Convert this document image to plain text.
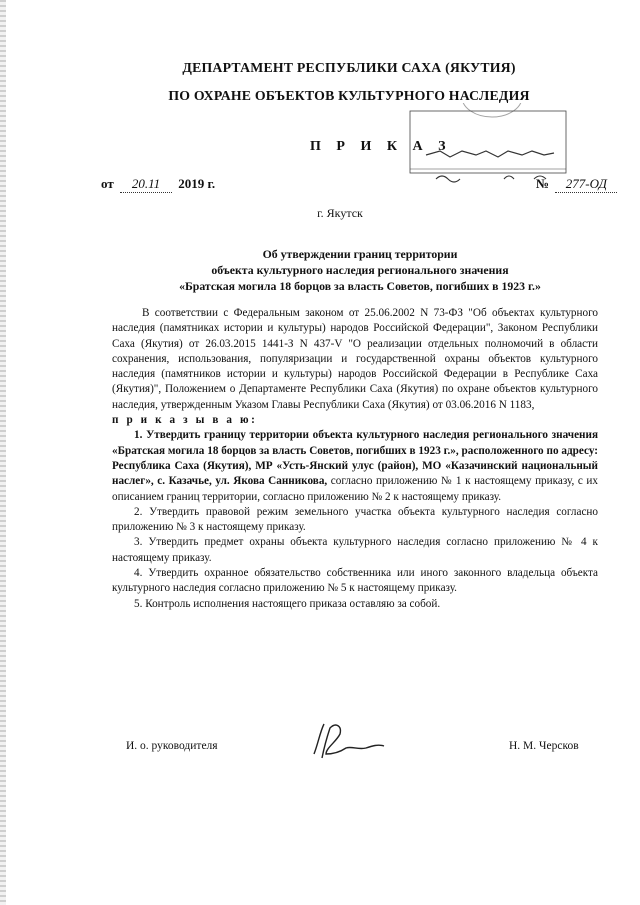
ДЕПАРТАМЕНТ РЕСПУБЛИКИ САХА (ЯКУТИЯ)
ПО ОХРАНЕ ОБЪЕКТОВ КУЛЬТУРНОГО НАСЛЕДИЯ
П Р И К А З
от 20.11 2019 г.	№ 277-ОД
г. Якутск
Об утверждении границ территории
объекта культурного наследия регионального значения
«Братская могила 18 борцов за власть Советов, погибших в 1923 г.»

В соответствии с Федеральным законом от 25.06.2002 N 73-ФЗ "Об объектах культурного наследия (памятниках истории и культуры) народов Российской Федерации", Законом Республики Саха (Якутия) от 26.03.2015 1441-З N 437-V "О реализации отдельных полномочий в области сохранения, использования, популяризации и государственной охраны объектов культурного наследия (памятников истории и культуры) народов Российской Федерации в Республике Саха (Якутия)", Положением о Департаменте Республики Саха (Якутия) по охране объектов культурного наследия, утвержденным Указом Главы Республики Саха (Якутия) от 03.06.2016 N 1183,

п р и к а з ы в а ю:

1. Утвердить границу территории объекта культурного наследия регионального значения «Братская могила 18 борцов за власть Советов, погибших в 1923 г.», расположенного по адресу: Республика Саха (Якутия), МР «Усть-Янский улус (район), МО «Казачинский национальный наслег», с. Казачье, ул. Якова Санникова, согласно приложению № 1 к настоящему приказу, с их описанием границ территории, согласно приложению № 2 к настоящему приказу.

2. Утвердить правовой режим земельного участка объекта культурного наследия согласно приложению № 3 к настоящему приказу.

3. Утвердить предмет охраны объекта культурного наследия согласно приложению № 4 к настоящему приказу.

4. Утвердить охранное обязательство собственника или иного законного владельца объекта культурного наследия согласно приложению № 5 к настоящему приказу.

5. Контроль исполнения настоящего приказа оставляю за собой.

И. о. руководителя	Н. М. Черсков
